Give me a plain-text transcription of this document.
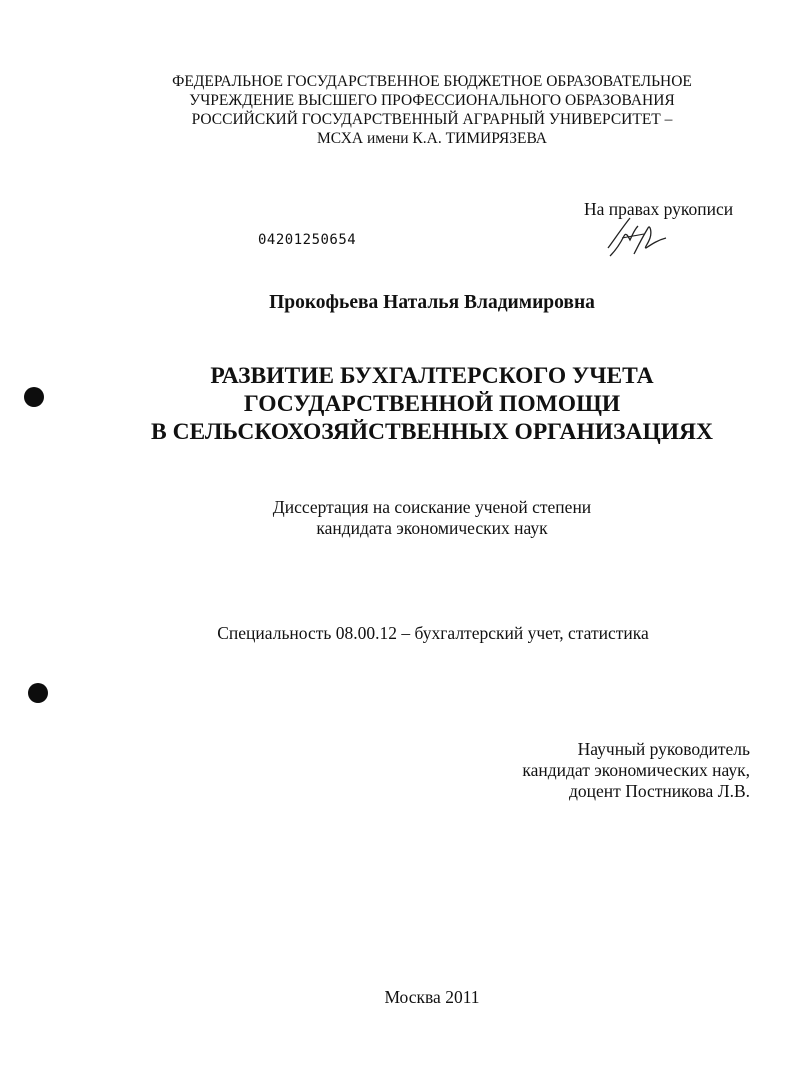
ФЕДЕРАЛЬНОЕ ГОСУДАРСТВЕННОЕ БЮДЖЕТНОЕ ОБРАЗОВАТЕЛЬНОЕ
УЧРЕЖДЕНИЕ ВЫСШЕГО ПРОФЕССИОНАЛЬНОГО ОБРАЗОВАНИЯ
РОССИЙСКИЙ ГОСУДАРСТВЕННЫЙ АГРАРНЫЙ УНИВЕРСИТЕТ –
МСХА имени К.А. ТИМИРЯЗЕВА
На правах рукописи
04201250654
Прокофьева Наталья Владимировна
РАЗВИТИЕ БУХГАЛТЕРСКОГО УЧЕТА
ГОСУДАРСТВЕННОЙ ПОМОЩИ
В СЕЛЬСКОХОЗЯЙСТВЕННЫХ ОРГАНИЗАЦИЯХ
Диссертация на соискание ученой степени
кандидата экономических наук
Специальность 08.00.12 – бухгалтерский учет, статистика
Научный руководитель
кандидат экономических наук,
доцент Постникова Л.В.
Москва 2011
